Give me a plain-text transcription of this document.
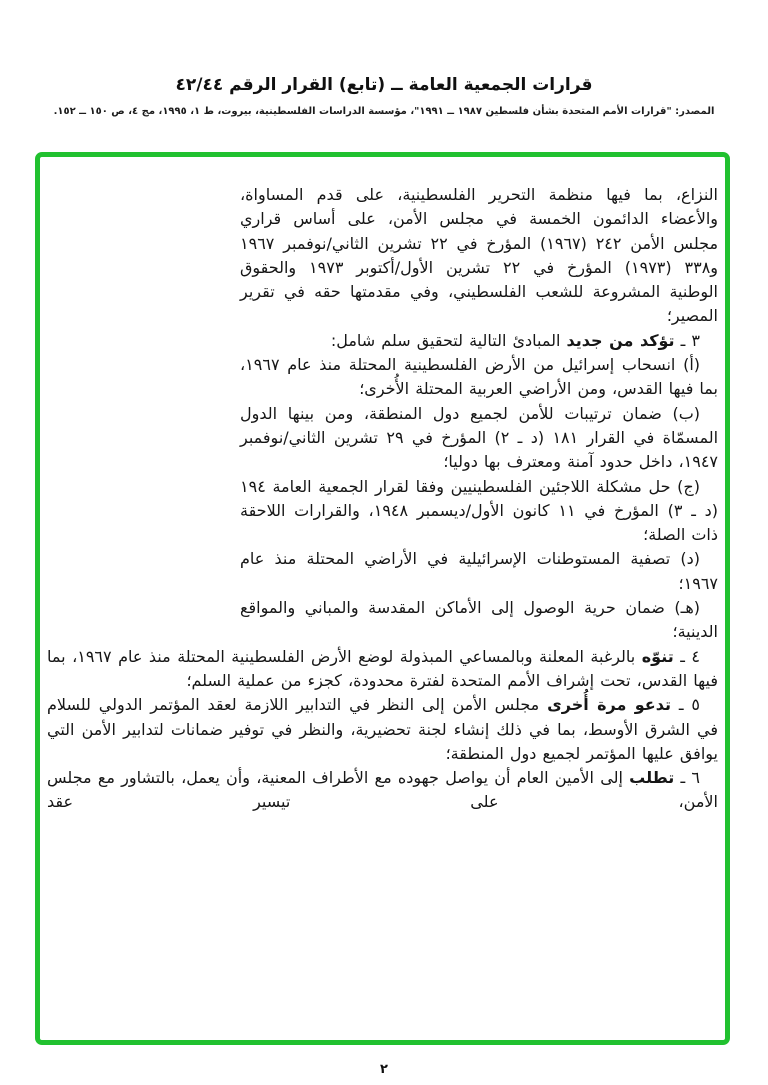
قرارات الجمعية العامة ــ (تابع) القرار الرقم ٤٢/٤٤
المصدر: "قرارات الأمم المتحدة بشأن فلسطين ١٩٨٧ ــ ١٩٩١"، مؤسسة الدراسات الفلسطينية، بيروت، ط ١، ١٩٩٥، مج ٤، ص ١٥٠ ــ ١٥٢.

النزاع، بما فيها منظمة التحرير الفلسطينية، على قدم المساواة، والأعضاء الدائمون الخمسة في مجلس الأمن، على أساس قراري مجلس الأمن ٢٤٢ (١٩٦٧) المؤرخ في ٢٢ تشرين الثاني/نوفمبر ١٩٦٧ و٣٣٨ (١٩٧٣) المؤرخ في ٢٢ تشرين الأول/أكتوبر ١٩٧٣ والحقوق الوطنية المشروعة للشعب الفلسطيني، وفي مقدمتها حقه في تقرير المصير؛

٣ ـ تؤكد من جديد المبادئ التالية لتحقيق سلم شامل:

(أ) انسحاب إسرائيل من الأرض الفلسطينية المحتلة منذ عام ١٩٦٧، بما فيها القدس، ومن الأراضي العربية المحتلة الأُخرى؛

(ب) ضمان ترتيبات للأمن لجميع دول المنطقة، ومن بينها الدول المسمّاة في القرار ١٨١ (د ـ ٢) المؤرخ في ٢٩ تشرين الثاني/نوفمبر ١٩٤٧، داخل حدود آمنة ومعترف بها دوليا؛

(ج) حل مشكلة اللاجئين الفلسطينيين وفقا لقرار الجمعية العامة ١٩٤ (د ـ ٣) المؤرخ في ١١ كانون الأول/ديسمبر ١٩٤٨، والقرارات اللاحقة ذات الصلة؛

(د) تصفية المستوطنات الإسرائيلية في الأراضي المحتلة منذ عام ١٩٦٧؛

(هـ) ضمان حرية الوصول إلى الأماكن المقدسة والمباني والمواقع الدينية؛

٤ ـ تنوّه بالرغبة المعلنة وبالمساعي المبذولة لوضع الأرض الفلسطينية المحتلة منذ عام ١٩٦٧، بما فيها القدس، تحت إشراف الأمم المتحدة لفترة محدودة، كجزء من عملية السلم؛

٥ ـ تدعو مرة أُخرى مجلس الأمن إلى النظر في التدابير اللازمة لعقد المؤتمر الدولي للسلام في الشرق الأوسط، بما في ذلك إنشاء لجنة تحضيرية، والنظر في توفير ضمانات لتدابير الأمن التي يوافق عليها المؤتمر لجميع دول المنطقة؛

٦ ـ تطلب إلى الأمين العام أن يواصل جهوده مع الأطراف المعنية، وأن يعمل، بالتشاور مع مجلس الأمن، على تيسير عقد

٢
